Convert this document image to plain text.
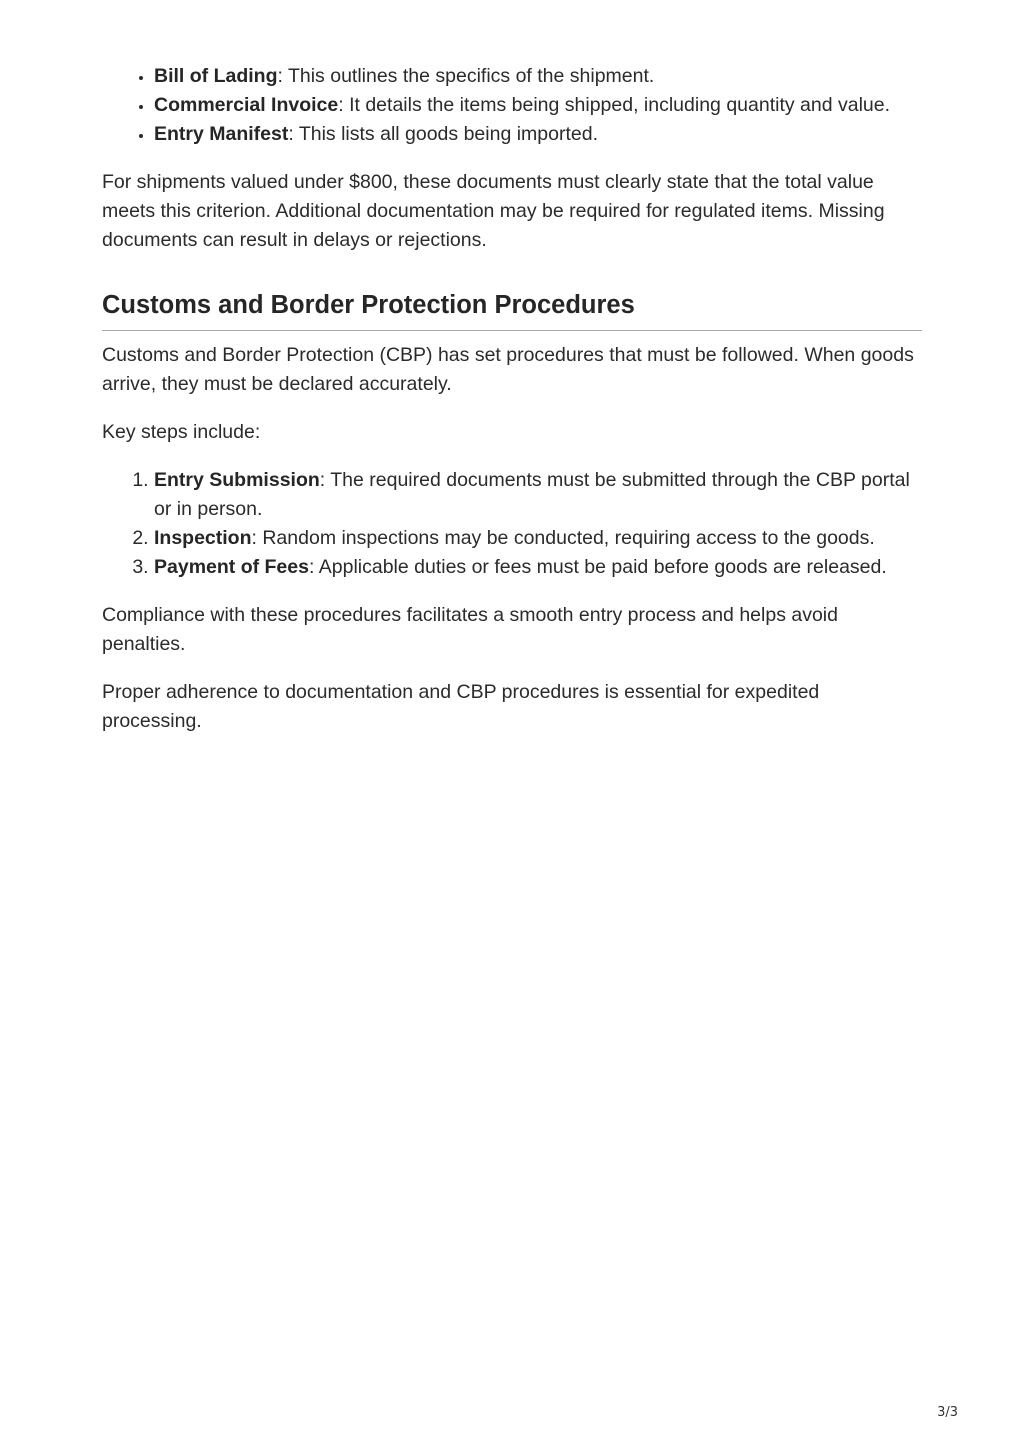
• Bill of Lading: This outlines the specifics of the shipment.
• Commercial Invoice: It details the items being shipped, including quantity and value.
• Entry Manifest: This lists all goods being imported.

For shipments valued under $800, these documents must clearly state that the total value meets this criterion. Additional documentation may be required for regulated items. Missing documents can result in delays or rejections.

Customs and Border Protection Procedures

Customs and Border Protection (CBP) has set procedures that must be followed. When goods arrive, they must be declared accurately.

Key steps include:

1. Entry Submission: The required documents must be submitted through the CBP portal or in person.
2. Inspection: Random inspections may be conducted, requiring access to the goods.
3. Payment of Fees: Applicable duties or fees must be paid before goods are released.

Compliance with these procedures facilitates a smooth entry process and helps avoid penalties.

Proper adherence to documentation and CBP procedures is essential for expedited processing.

3/3
